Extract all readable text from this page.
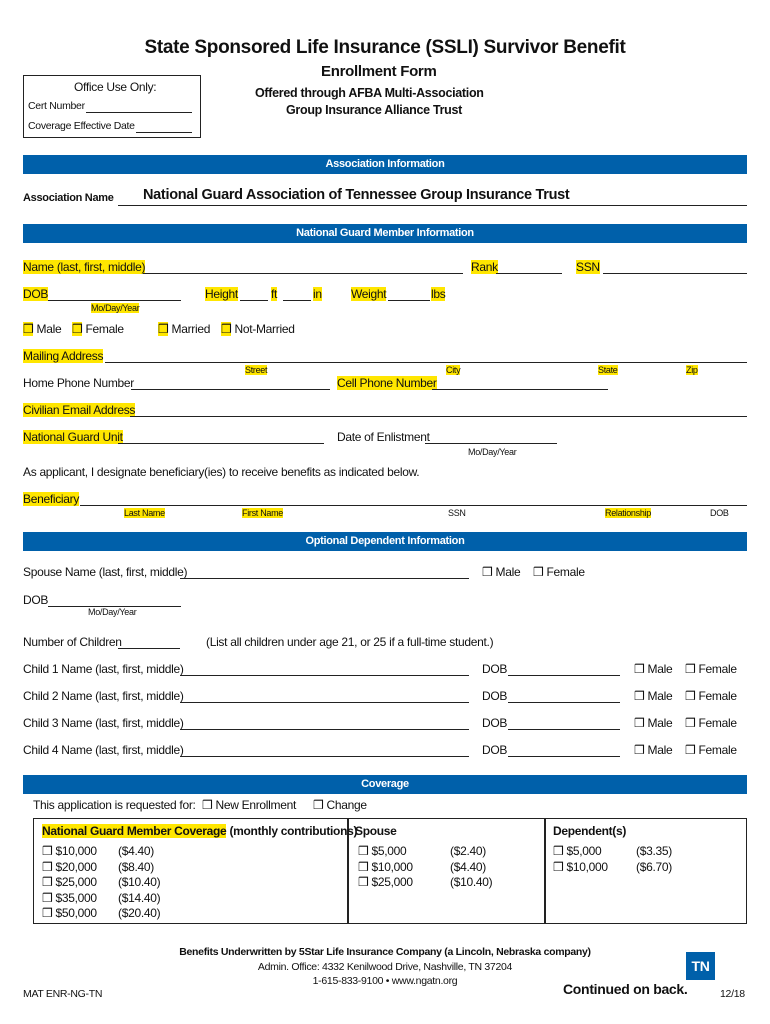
State Sponsored Life Insurance (SSLI) Survivor Benefit
Enrollment Form
Offered through AFBA Multi-Association
Group Insurance Alliance Trust
Office Use Only:
Cert Number
Coverage Effective Date
Association Information
Association Name National Guard Association of Tennessee Group Insurance Trust
National Guard Member Information
Name (last, first, middle)	Rank	SSN
DOB
Mo/Day/Year
Height	ft	in Weight	lbs
❒ Male ❒ Female	❒ Married ❒ Not-Married
Mailing Address
Street	City	State	Zip
Home Phone Number	Cell Phone Number
Civilian Email Address
National Guard Unit	Date of Enlistment
Mo/Day/Year
As applicant, I designate beneficiary(ies) to receive benefits as indicated below.
Beneficiary
Last Name	First Name	SSN	Relationship	DOB
Optional Dependent Information
Spouse Name (last, first, middle)	❒ Male ❒ Female
DOB
Mo/Day/Year
Number of Children	(List all children under age 21, or 25 if a full-time student.)
Child 1 Name (last, first, middle)	DOB	❒ Male ❒ Female
Child 2 Name (last, first, middle)	DOB	❒ Male ❒ Female
Child 3 Name (last, first, middle)	DOB	❒ Male ❒ Female
Child 4 Name (last, first, middle)	DOB	❒ Male ❒ Female
Coverage
This application is requested for: ❒ New Enrollment ❒ Change
National Guard Member Coverage (monthly contributions)
Spouse	Dependent(s)
❒ $10,000 ($4.40)
❒ $20,000 ($8.40)
❒ $25,000 ($10.40)
❒ $35,000 ($14.40)
❒ $50,000 ($20.40)
❒ $5,000	($2.40)
❒ $10,000	($4.40)
❒ $25,000	($10.40)
❒ $5,000	($3.35)
❒ $10,000 ($6.70)
Benefits Underwritten by 5Star Life Insurance Company (a Lincoln, Nebraska company)
Admin. Office: 4332 Kenilwood Drive, Nashville, TN 37204
1-615-833-9100 • www.ngatn.org
MAT ENR-NG-TN	Continued on back.
TN
12/18
